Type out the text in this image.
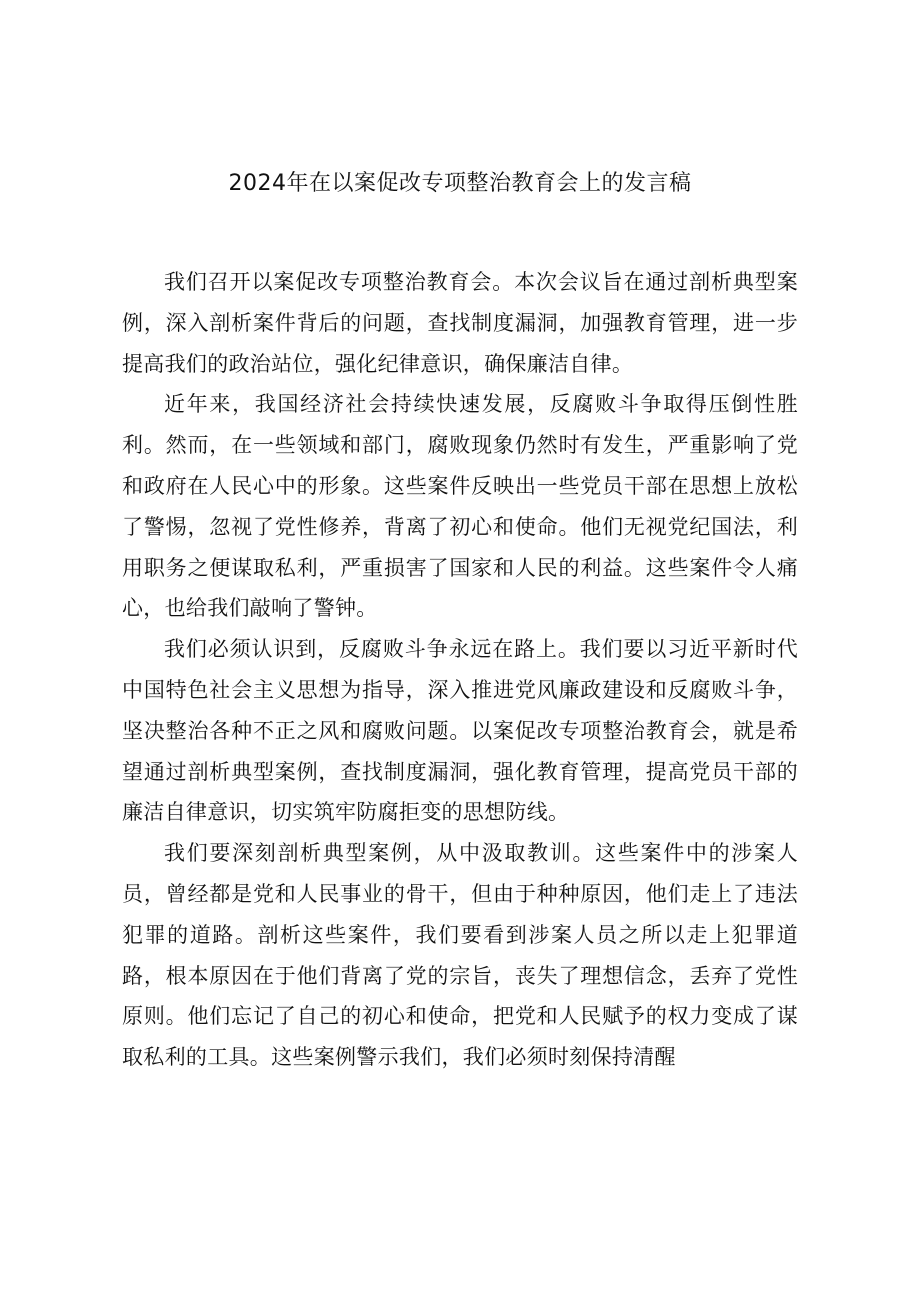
2024年在以案促改专项整治教育会上的发言稿

我们召开以案促改专项整治教育会。本次会议旨在通过剖析典型案例，深入剖析案件背后的问题，查找制度漏洞，加强教育管理，进一步提高我们的政治站位，强化纪律意识，确保廉洁自律。

近年来，我国经济社会持续快速发展，反腐败斗争取得压倒性胜利。然而，在一些领域和部门，腐败现象仍然时有发生，严重影响了党和政府在人民心中的形象。这些案件反映出一些党员干部在思想上放松了警惕，忽视了党性修养，背离了初心和使命。他们无视党纪国法，利用职务之便谋取私利，严重损害了国家和人民的利益。这些案件令人痛心，也给我们敲响了警钟。

我们必须认识到，反腐败斗争永远在路上。我们要以习近平新时代中国特色社会主义思想为指导，深入推进党风廉政建设和反腐败斗争，坚决整治各种不正之风和腐败问题。以案促改专项整治教育会，就是希望通过剖析典型案例，查找制度漏洞，强化教育管理，提高党员干部的廉洁自律意识，切实筑牢防腐拒变的思想防线。

我们要深刻剖析典型案例，从中汲取教训。这些案件中的涉案人员，曾经都是党和人民事业的骨干，但由于种种原因，他们走上了违法犯罪的道路。剖析这些案件，我们要看到涉案人员之所以走上犯罪道路，根本原因在于他们背离了党的宗旨，丧失了理想信念，丢弃了党性原则。他们忘记了自己的初心和使命，把党和人民赋予的权力变成了谋取私利的工具。这些案例警示我们，我们必须时刻保持清醒
